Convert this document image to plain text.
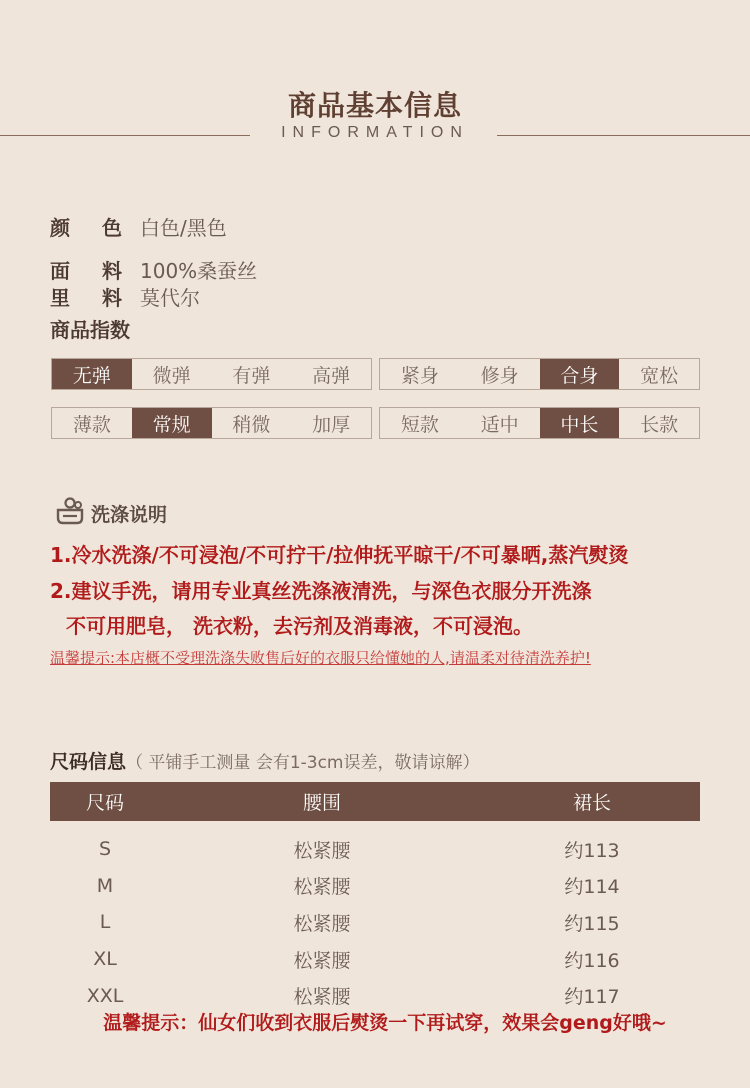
商品基本信息
INFORMATION
颜 色 白色/黑色
面 料 100%桑蚕丝
里 料 莫代尔
商品指数
无弹	微弹	有弹	高弹	紧身	修身	合身	宽松
薄款	常规	稍微	加厚	短款	适中	中长	长款
洗涤说明
1.冷水洗涤/不可浸泡/不可拧干/拉伸抚平晾干/不可暴晒,蒸汽熨烫
2.建议手洗，请用专业真丝洗涤液清洗，与深色衣服分开洗涤
不可用肥皂， 洗衣粉，去污剂及消毒液，不可浸泡。
温馨提示:本店概不受理洗涤失败售后好的衣服只给懂她的人,请温柔对待清洗养护!
尺码信息（ 平铺手工测量 会有1-3cm误差，敬请谅解）
尺码	腰围	裙长

S	松紧腰	约113
M	松紧腰	约114
L	松紧腰	约115
XL	松紧腰	约116
XXL	松紧腰	约117
温馨提示：仙女们收到衣服后熨烫一下再试穿，效果会geng好哦~
